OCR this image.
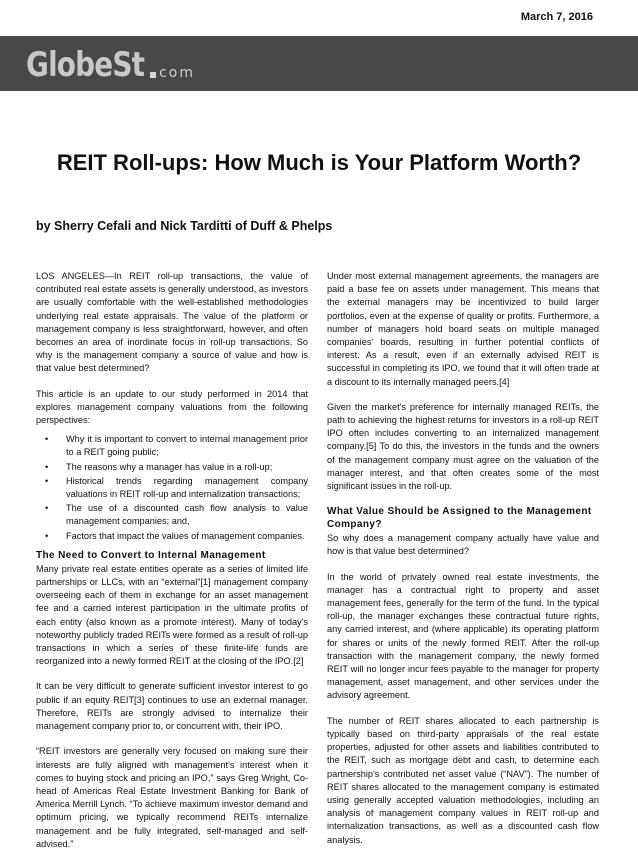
March 7, 2016
GlobeSt com
REIT Roll-ups: How Much is Your Platform Worth?

by Sherry Cefali and Nick Tarditti of Duff & Phelps

LOS ANGELES—In REIT roll-up transactions, the value of contributed real estate assets is generally understood, as investors are usually comfortable with the well-established methodologies underlying real estate appraisals. The value of the platform or management company is less straightforward, however, and often becomes an area of inordinate focus in roll-up transactions. So why is the management company a source of value and how is that value best determined?

This article is an update to our study performed in 2014 that explores management company valuations from the following perspectives:

• Why it is important to convert to internal management prior to a REIT going public;
• The reasons why a manager has value in a roll-up;
• Historical trends regarding management company valuations in REIT roll-up and internalization transactions;
• The use of a discounted cash flow analysis to value management companies; and,
• Factors that impact the values of management companies.
The Need to Convert to Internal Management

Many private real estate entities operate as a series of limited life partnerships or LLCs, with an “external”[1] management company overseeing each of them in exchange for an asset management fee and a carried interest participation in the ultimate profits of each entity (also known as a promote interest). Many of today's noteworthy publicly traded REITs were formed as a result of roll-up transactions in which a series of these finite-life funds are reorganized into a newly formed REIT at the closing of the IPO.[2]

It can be very difficult to generate sufficient investor interest to go public if an equity REIT[3] continues to use an external manager. Therefore, REITs are strongly advised to internalize their management company prior to, or concurrent with, their IPO.

“REIT investors are generally very focused on making sure their interests are fully aligned with management's interest when it comes to buying stock and pricing an IPO,” says Greg Wright, Co-head of Americas Real Estate Investment Banking for Bank of America Merrill Lynch. “To achieve maximum investor demand and optimum pricing, we typically recommend REITs internalize management and be fully integrated, self-managed and self-advised.”

Under most external management agreements, the managers are paid a base fee on assets under management. This means that the external managers may be incentivized to build larger portfolios, even at the expense of quality or profits. Furthermore, a number of managers hold board seats on multiple managed companies' boards, resulting in further potential conflicts of interest. As a result, even if an externally advised REIT is successful in completing its IPO, we found that it will often trade at a discount to its internally managed peers.[4]

Given the market's preference for internally managed REITs, the path to achieving the highest returns for investors in a roll-up REIT IPO often includes converting to an internalized management company.[5] To do this, the investors in the funds and the owners of the management company must agree on the valuation of the manager interest, and that often creates some of the most significant issues in the roll-up.

What Value Should be Assigned to the Management Company?

So why does a management company actually have value and how is that value best determined?

In the world of privately owned real estate investments, the manager has a contractual right to property and asset management fees, generally for the term of the fund. In the typical roll-up, the manager exchanges these contractual future rights, any carried interest, and (where applicable) its operating platform for shares or units of the newly formed REIT. After the roll-up transaction with the management company, the newly formed REIT will no longer incur fees payable to the manager for property management, asset management, and other services under the advisory agreement.

The number of REIT shares allocated to each partnership is typically based on third-party appraisals of the real estate properties, adjusted for other assets and liabilities contributed to the REIT, such as mortgage debt and cash, to determine each partnership's contributed net asset value (“NAV”). The number of REIT shares allocated to the management company is estimated using generally accepted valuation methodologies, including an analysis of management company values in REIT roll-up and internalization transactions, as well as a discounted cash flow analysis.
